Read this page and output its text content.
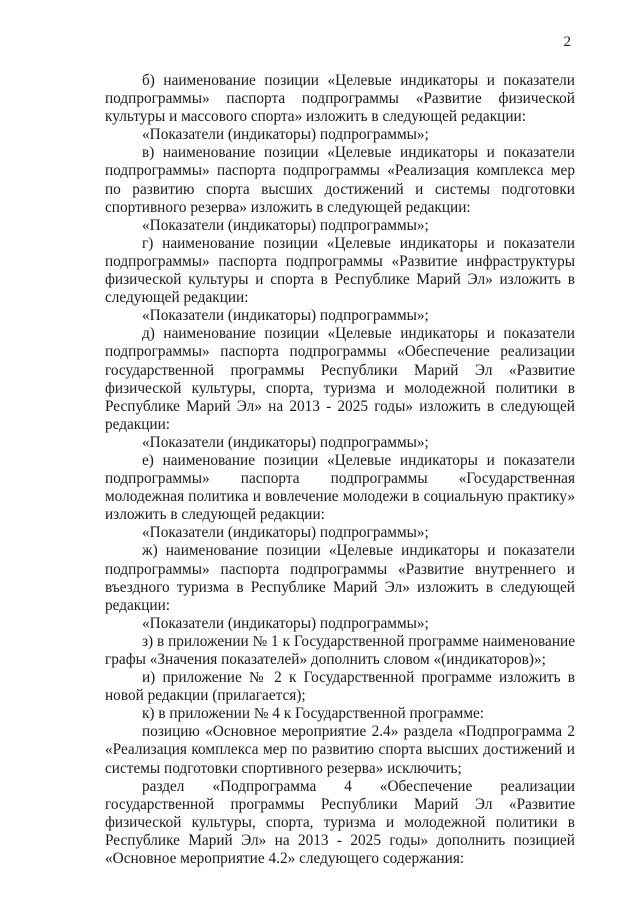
2

б) наименование позиции «Целевые индикаторы и показатели подпрограммы» паспорта подпрограммы «Развитие физической культуры и массового спорта» изложить в следующей редакции:

«Показатели (индикаторы) подпрограммы»;

в) наименование позиции «Целевые индикаторы и показатели подпрограммы» паспорта подпрограммы «Реализация комплекса мер по развитию спорта высших достижений и системы подготовки спортивного резерва» изложить в следующей редакции:

«Показатели (индикаторы) подпрограммы»;

г) наименование позиции «Целевые индикаторы и показатели подпрограммы» паспорта подпрограммы «Развитие инфраструктуры физической культуры и спорта в Республике Марий Эл» изложить в следующей редакции:

«Показатели (индикаторы) подпрограммы»;

д) наименование позиции «Целевые индикаторы и показатели подпрограммы» паспорта подпрограммы «Обеспечение реализации государственной программы Республики Марий Эл «Развитие физической культуры, спорта, туризма и молодежной политики в Республике Марий Эл» на 2013 - 2025 годы» изложить в следующей редакции:

«Показатели (индикаторы) подпрограммы»;

е) наименование позиции «Целевые индикаторы и показатели подпрограммы» паспорта подпрограммы «Государственная молодежная политика и вовлечение молодежи в социальную практику» изложить в следующей редакции:

«Показатели (индикаторы) подпрограммы»;

ж) наименование позиции «Целевые индикаторы и показатели подпрограммы» паспорта подпрограммы «Развитие внутреннего и въездного туризма в Республике Марий Эл» изложить в следующей редакции:

«Показатели (индикаторы) подпрограммы»;

з) в приложении № 1 к Государственной программе наименование графы «Значения показателей» дополнить словом «(индикаторов)»;

и) приложение № 2 к Государственной программе изложить в новой редакции (прилагается);

к) в приложении № 4 к Государственной программе:

позицию «Основное мероприятие 2.4» раздела «Подпрограмма 2 «Реализация комплекса мер по развитию спорта высших достижений и системы подготовки спортивного резерва» исключить;

раздел «Подпрограмма 4 «Обеспечение реализации государственной программы Республики Марий Эл «Развитие физической культуры, спорта, туризма и молодежной политики в Республике Марий Эл» на 2013 - 2025 годы» дополнить позицией «Основное мероприятие 4.2» следующего содержания:
